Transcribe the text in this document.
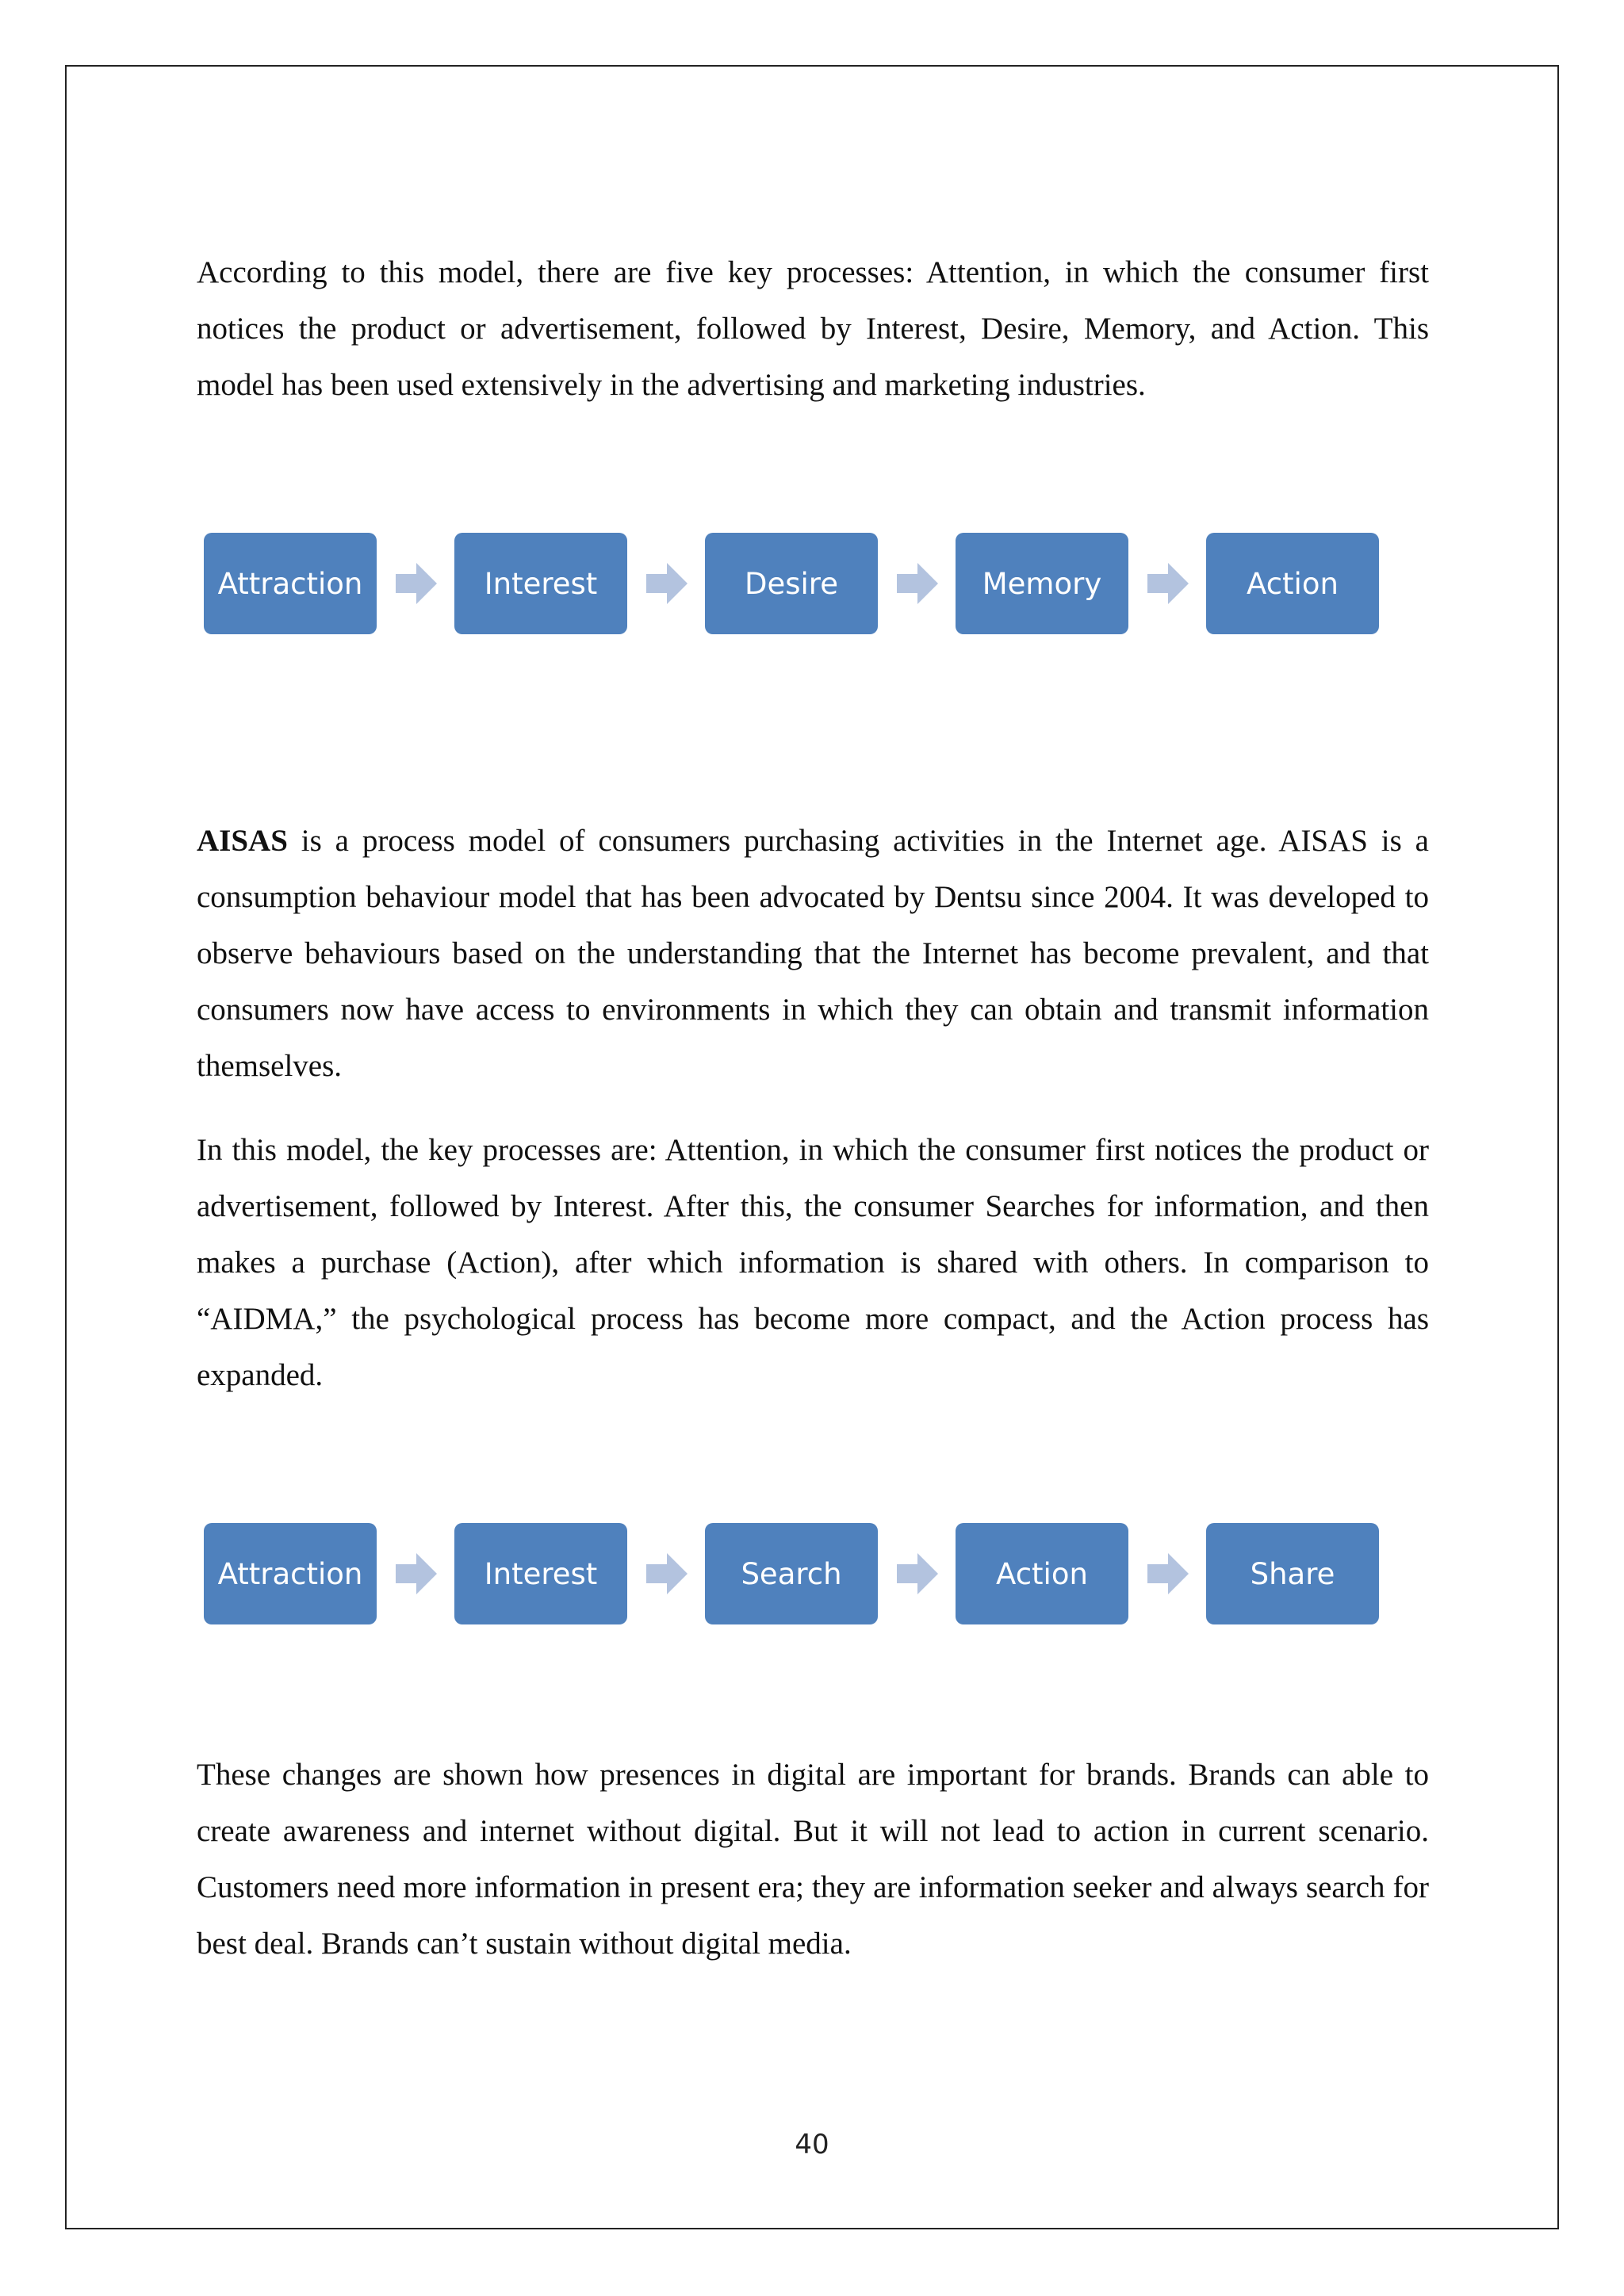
According to this model, there are five key processes: Attention, in which the consumer first notices the product or advertisement, followed by Interest, Desire, Memory, and Action. This model has been used extensively in the advertising and marketing industries.

Attraction	Interest	Desire	Memory	Action

AISAS is a process model of consumers purchasing activities in the Internet age. AISAS is a consumption behaviour model that has been advocated by Dentsu since 2004. It was developed to observe behaviours based on the understanding that the Internet has become prevalent, and that consumers now have access to environments in which they can obtain and transmit information themselves.

In this model, the key processes are: Attention, in which the consumer first notices the product or advertisement, followed by Interest. After this, the consumer Searches for information, and then makes a purchase (Action), after which information is shared with others. In comparison to “AIDMA,” the psychological process has become more compact, and the Action process has expanded.

Attraction	Interest	Search	Action	Share

These changes are shown how presences in digital are important for brands. Brands can able to create awareness and internet without digital. But it will not lead to action in current scenario. Customers need more information in present era; they are information seeker and always search for best deal. Brands can’t sustain without digital media.

40
